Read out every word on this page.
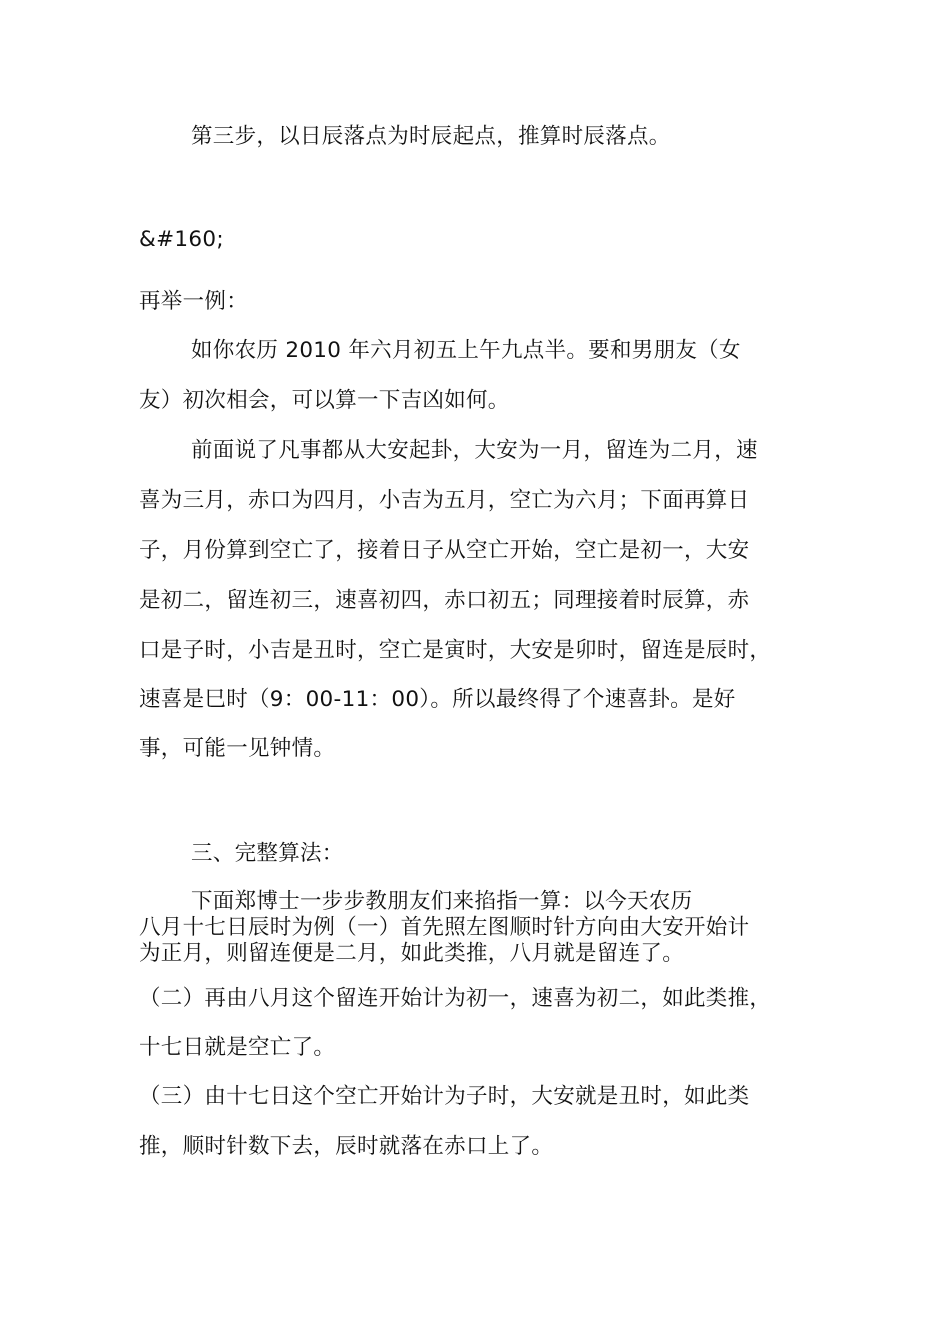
第三步，以日辰落点为时辰起点，推算时辰落点。

&#160;

再举一例：

如你农历 2010 年六月初五上午九点半。要和男朋友（女

友）初次相会，可以算一下吉凶如何。

前面说了凡事都从大安起卦，大安为一月，留连为二月，速

喜为三月，赤口为四月，小吉为五月，空亡为六月；下面再算日

子，月份算到空亡了，接着日子从空亡开始，空亡是初一，大安

是初二，留连初三，速喜初四，赤口初五；同理接着时辰算，赤

口是子时，小吉是丑时，空亡是寅时，大安是卯时，留连是辰时，

速喜是巳时（9：00-11：00）。所以最终得了个速喜卦。是好

事，可能一见钟情。

三、完整算法：

下面郑博士一步步教朋友们来掐指一算：以今天农历

八月十七日辰时为例（一）首先照左图顺时针方向由大安开始计

为正月，则留连便是二月，如此类推，八月就是留连了。

（二）再由八月这个留连开始计为初一，速喜为初二，如此类推，

十七日就是空亡了。

（三）由十七日这个空亡开始计为子时，大安就是丑时，如此类

推，顺时针数下去，辰时就落在赤口上了。
